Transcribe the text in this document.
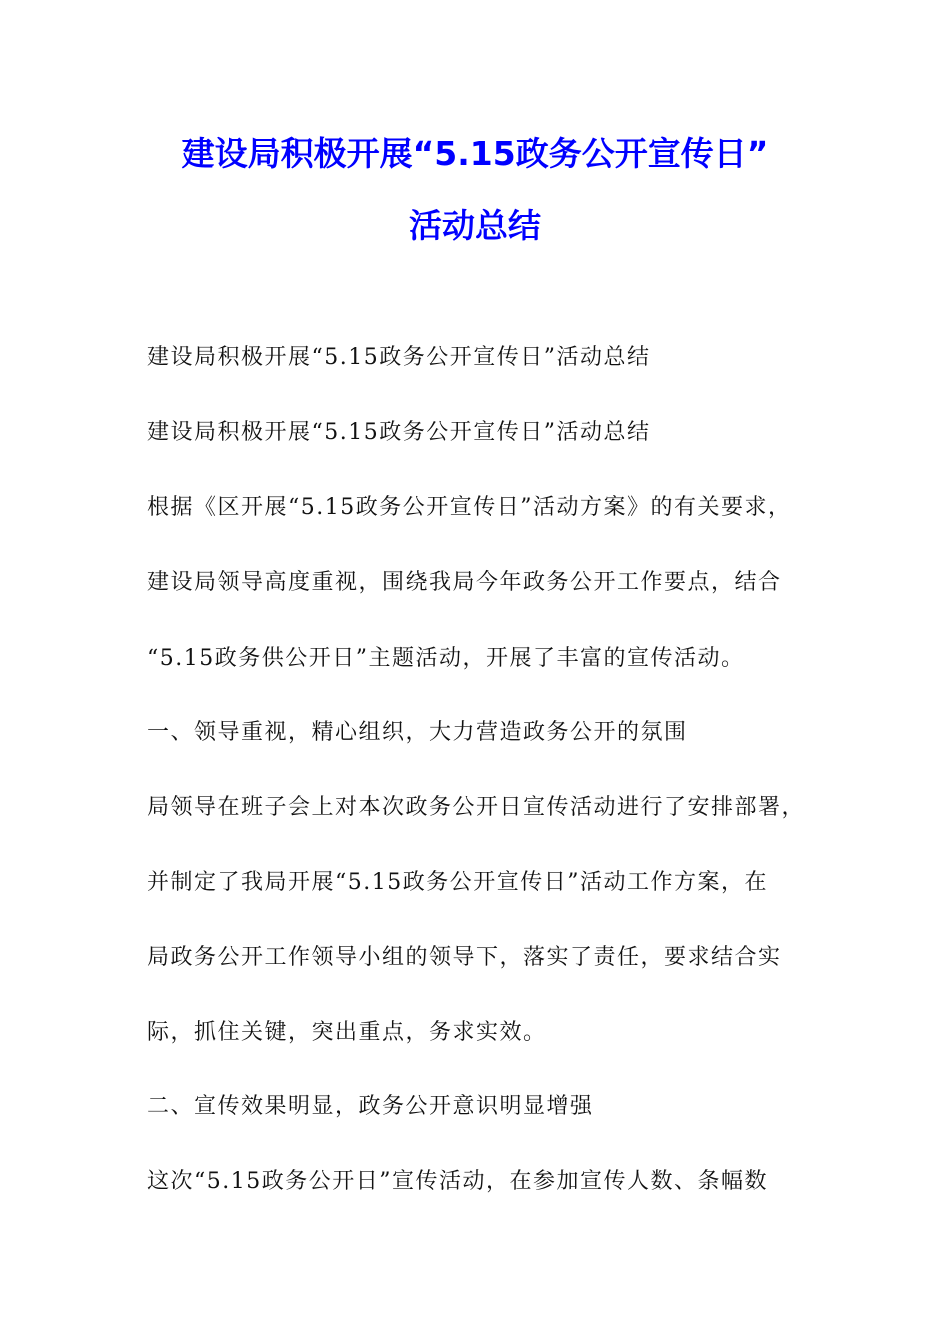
建设局积极开展“5.15政务公开宣传日”
活动总结

建设局积极开展“5.15政务公开宣传日”活动总结

建设局积极开展“5.15政务公开宣传日”活动总结

根据《区开展“5.15政务公开宣传日”活动方案》的有关要求，

建设局领导高度重视，围绕我局今年政务公开工作要点，结合

“5.15政务供公开日”主题活动，开展了丰富的宣传活动。

一、领导重视，精心组织，大力营造政务公开的氛围

局领导在班子会上对本次政务公开日宣传活动进行了安排部署，

并制定了我局开展“5.15政务公开宣传日”活动工作方案，在

局政务公开工作领导小组的领导下，落实了责任，要求结合实

际，抓住关键，突出重点，务求实效。

二、宣传效果明显，政务公开意识明显增强

这次“5.15政务公开日”宣传活动，在参加宣传人数、条幅数
